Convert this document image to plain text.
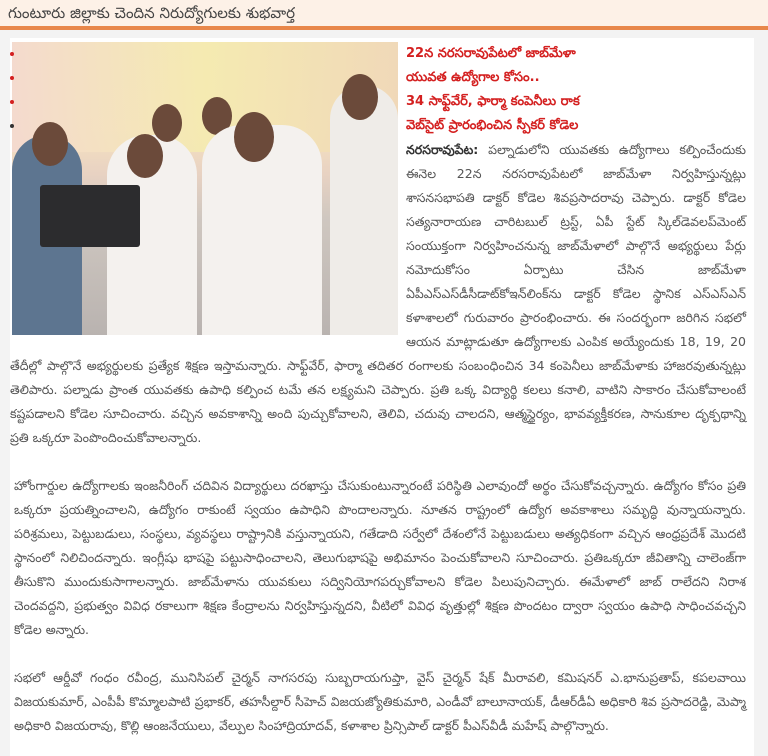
గుంటూరు జిల్లాకు చెందిన నిరుద్యోగులకు శుభవార్త
22న నరసరావుపేటలో జాబ్‌మేళా
యువత ఉద్యోగాల కోసం..
34 సాఫ్ట్‌వేర్, ఫార్మా కంపెనీలు రాక
వెబ్‌సైట్ ప్రారంభించిన స్పీకర్ కోడెల

నరసరావుపేట: పల్నాడులోని యువతకు ఉద్యోగాలు కల్పించేందుకు ఈనెల 22న నరసరావుపేటలో జాబ్‌మేళా నిర్వహిస్తున్నట్లు శాసనసభాపతి డాక్టర్ కోడెల శివప్రసాదరావు చెప్పారు. డాక్టర్ కోడెల సత్యనారాయణ చారిటబుల్ ట్రస్ట్, ఏపీ స్టేట్ స్కిల్‌డెవలప్‌మెంట్ సంయుక్తంగా నిర్వహించనున్న జాబ్‌మేళాలో పాల్గొనే అభ్యర్థులు పేర్లు నమోదుకోసం ఏర్పాటు చేసిన జాబ్‌మేళా ఏపీఎస్ఎస్‌డీసీడాట్‌కోఇన్‌లింక్‌ను డాక్టర్ కోడెల స్థానిక ఎస్ఎస్ఎన్ కళాశాలలో గురువారం ప్రారంభించారు. ఈ సందర్భంగా జరిగిన సభలో ఆయన మాట్లాడుతూ ఉద్యోగాలకు ఎంపిక అయ్యేందుకు 18, 19, 20 తేదీల్లో పాల్గొనే అభ్యర్థులకు ప్రత్యేక శిక్షణ ఇస్తామన్నారు. సాఫ్ట్‌వేర్, ఫార్మా తదితర రంగాలకు సంబంధించిన 34 కంపెనీలు జాబ్‌మేళాకు హాజరవుతున్నట్లు తెలిపారు. పల్నాడు ప్రాంత యువతకు ఉపాధి కల్పించ టమే తన లక్ష్యమని చెప్పారు. ప్రతి ఒక్క విద్యార్థి కలలు కనాలి, వాటిని సాకారం చేసుకోవాలంటే కష్టపడాలని కోడెల సూచించారు. వచ్చిన అవకాశాన్ని అంది పుచ్చుకోవాలని, తెలివి, చదువు చాలదని, ఆత్మస్థైర్యం, భావవ్యక్తీకరణ, సానుకూల దృక్పథాన్ని ప్రతి ఒక్కరూ పెంపొందించుకోవాలన్నారు.

హోంగార్డుల ఉద్యోగాలకు ఇంజనీరింగ్ చదివిన విద్యార్థులు దరఖాస్తు చేసుకుంటున్నారంటే పరిస్థితి ఎలావుందో అర్థం చేసుకోవచ్చన్నారు. ఉద్యోగం కోసం ప్రతి ఒక్కరూ ప్రయత్నించాలని, ఉద్యోగం రాకుంటే స్వయం ఉపాధిని పొందాలన్నారు. నూతన రాష్ట్రంలో ఉద్యోగ అవకాశాలు సమృద్ధి వున్నాయన్నారు. పరిశ్రమలు, పెట్టుబడులు, సంస్థలు, వ్యవస్థలు రాష్ట్రానికి వస్తున్నాయని, గతేడాది సర్వేలో దేశంలోనే పెట్టుబడులు అత్యధికంగా వచ్చిన ఆంధ్రప్రదేశ్ మొదటి స్థానంలో నిలిచిందన్నారు. ఇంగ్లీషు భాషపై పట్టుసాధించాలని, తెలుగుభాషపై అభిమానం పెంచుకోవాలని సూచించారు. ప్రతిఒక్కరూ జీవితాన్ని చాలెంజ్‌గా తీసుకొని ముందుకుసాగాలన్నారు. జాబ్‌మేళాను యువకులు సద్వినియోగపర్చుకోవాలని కోడెల పిలుపునిచ్చారు. ఈమేళాలో జాబ్ రాలేదని నిరాశ చెందవద్దని, ప్రభుత్వం వివిధ రకాలుగా శిక్షణ కేంద్రాలను నిర్వహిస్తున్నదని, వీటిలో వివిధ వృత్తుల్లో శిక్షణ పొందటం ద్వారా స్వయం ఉపాధి సాధించవచ్చని కోడెల అన్నారు.

సభలో ఆర్డీవో గంధం రవీంద్ర, మునిసిపల్ చైర్మన్ నాగసరపు సుబ్బరాయగుప్తా, వైస్ చైర్మన్ షేక్ మీరావలి, కమిషనర్ ఎ.భానుప్రతాప్, కపలవాయి విజయకుమార్, ఎంపీపీ కొమ్మాలపాటి ప్రభాకర్, తహసీల్దార్ సీహెచ్ విజయజ్యోతికుమారి, ఎండీవో బాలూనాయక్, డీఆర్‌డీఏ అధికారి శివ ప్రసాదరెడ్డి, మెప్మా అధికారి విజయరావు, కొల్లి ఆంజనేయులు, వేల్పుల సింహాద్రియాదవ్, కళాశాల ప్రిన్సిపాల్ డాక్టర్ పీఎస్‌వీడీ మహేష్ పాల్గొన్నారు.
